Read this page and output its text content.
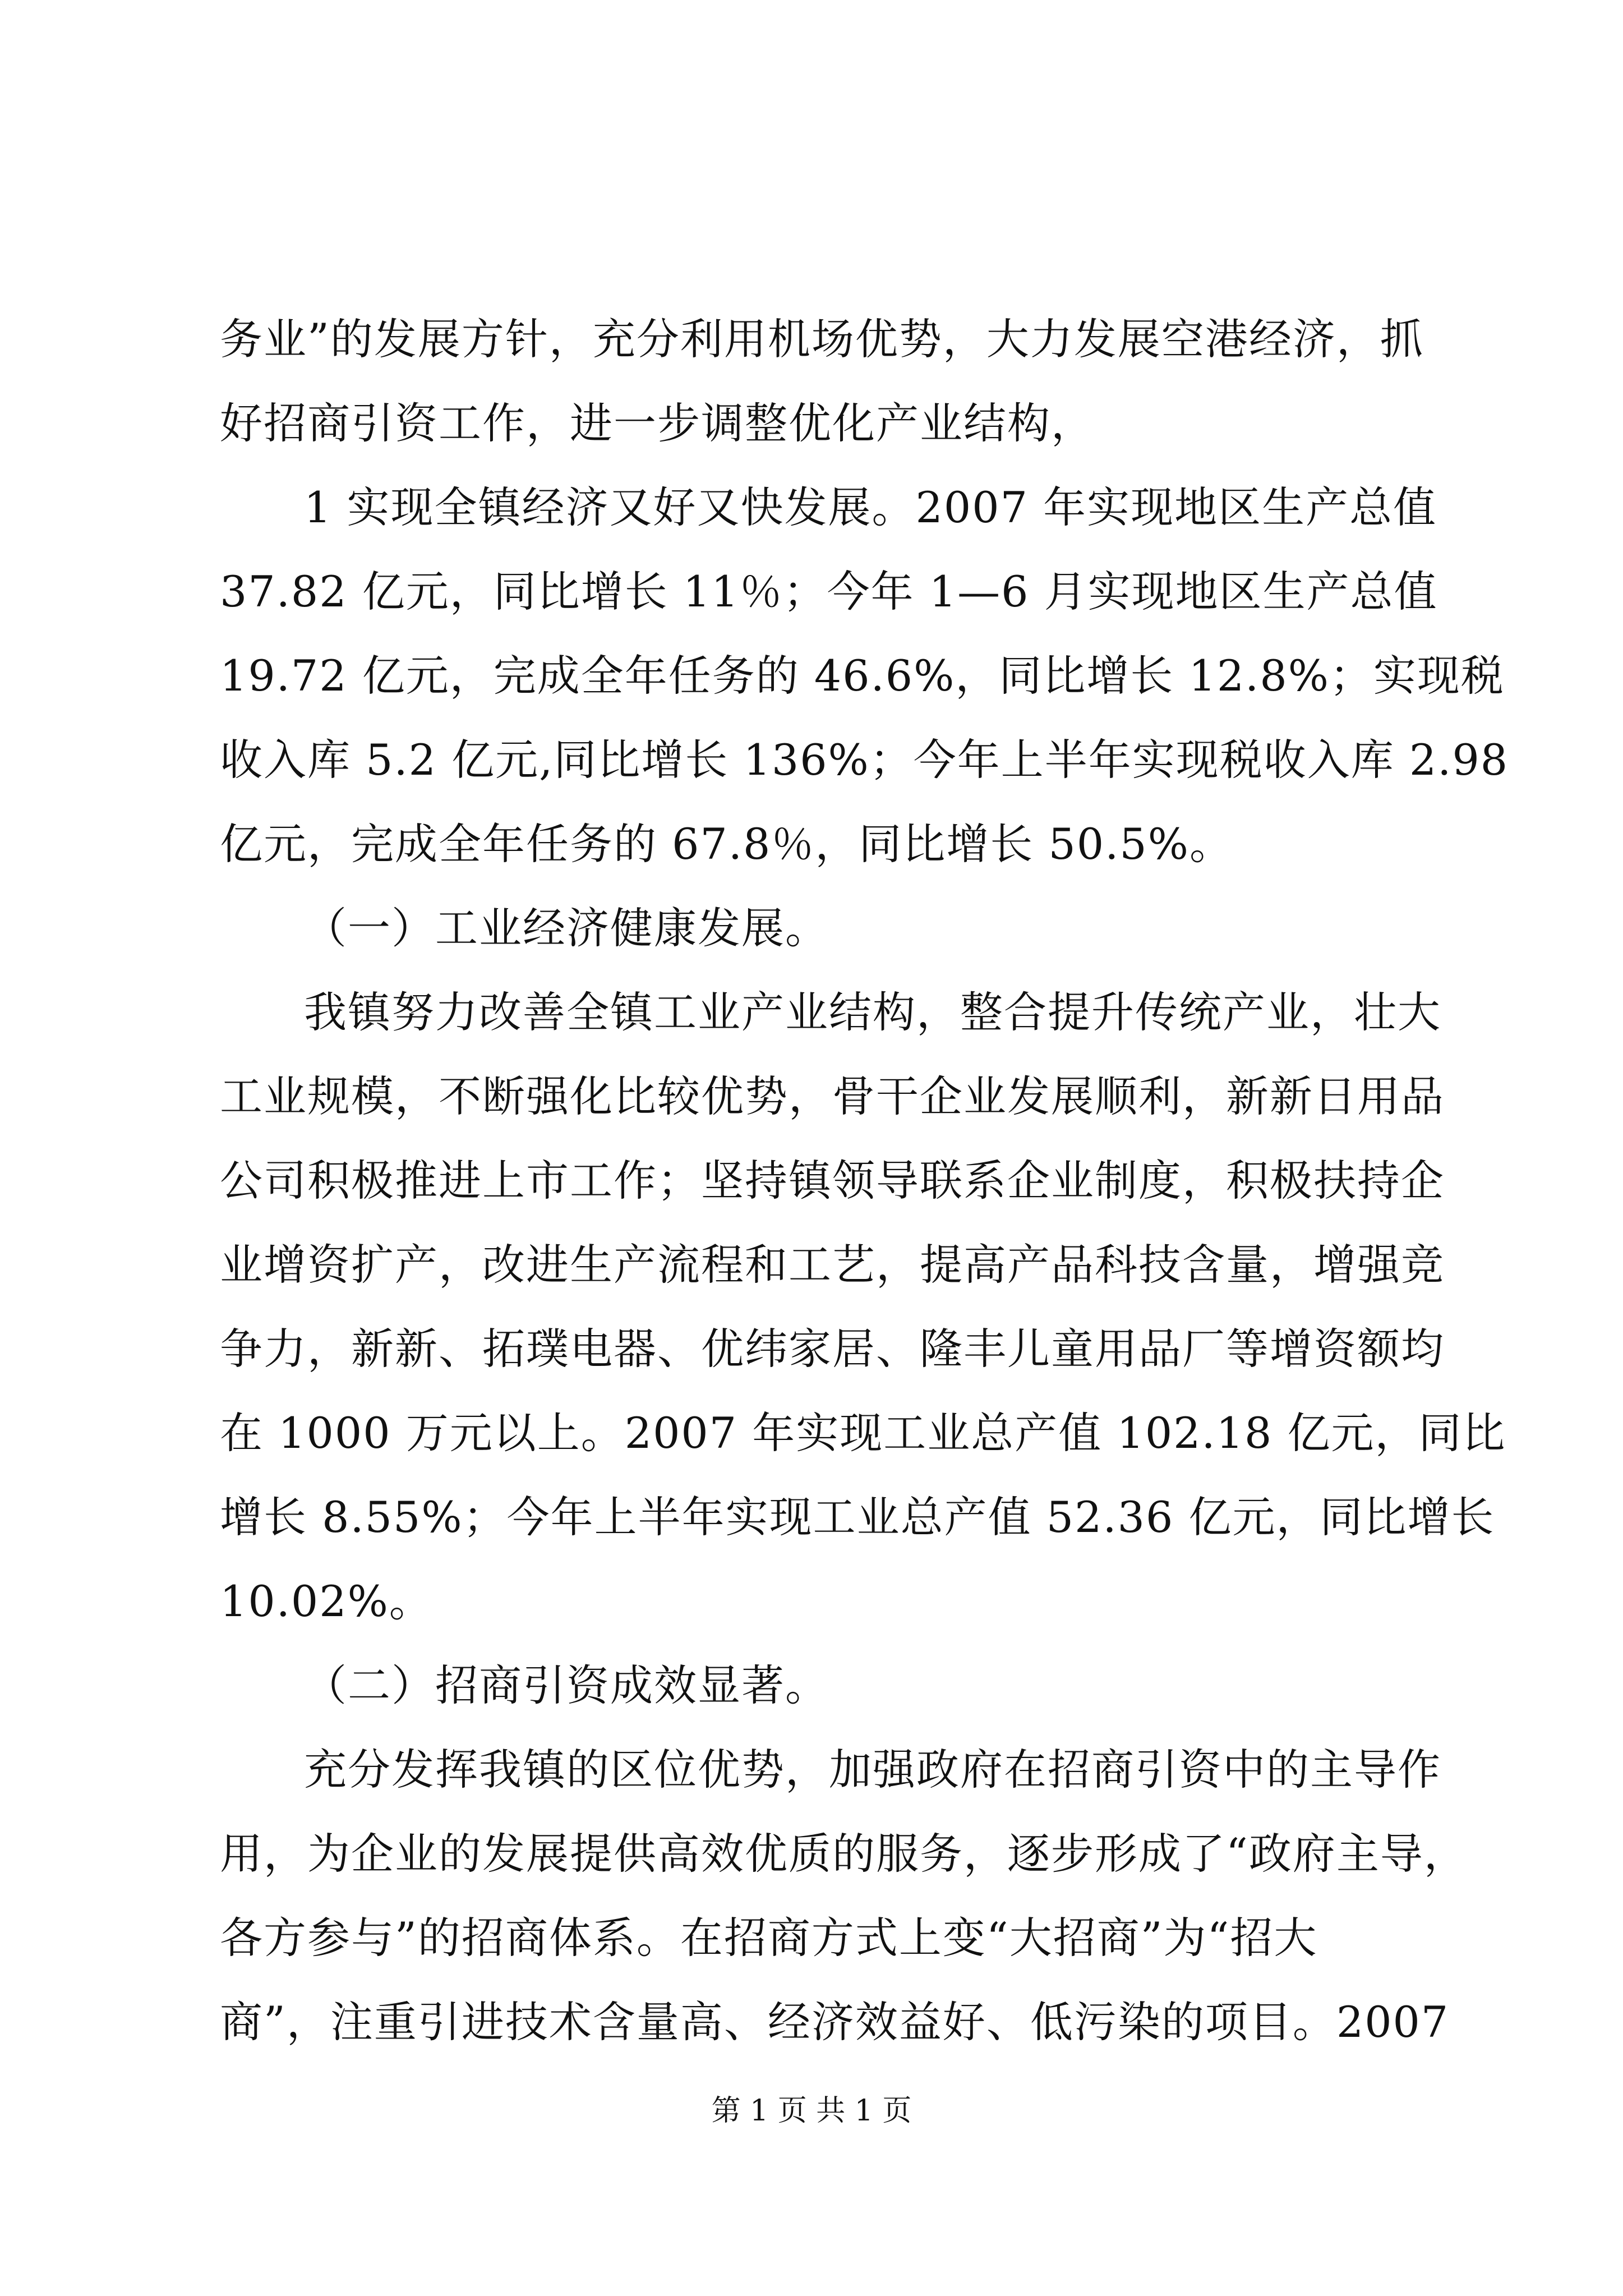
务业”的发展方针，充分利用机场优势，大力发展空港经济，抓
好招商引资工作，进一步调整优化产业结构，
1 实现全镇经济又好又快发展。2007 年实现地区生产总值
37.82 亿元，同比增长 11％；今年 1—6 月实现地区生产总值
19.72 亿元，完成全年任务的 46.6%，同比增长 12.8%；实现税
收入库 5.2 亿元,同比增长 136%；今年上半年实现税收入库 2.98
亿元，完成全年任务的 67.8％，同比增长 50.5%。
（一）工业经济健康发展。
我镇努力改善全镇工业产业结构，整合提升传统产业，壮大
工业规模，不断强化比较优势，骨干企业发展顺利，新新日用品
公司积极推进上市工作；坚持镇领导联系企业制度，积极扶持企
业增资扩产，改进生产流程和工艺，提高产品科技含量，增强竞
争力，新新、拓璞电器、优纬家居、隆丰儿童用品厂等增资额均
在 1000 万元以上。2007 年实现工业总产值 102.18 亿元，同比
增长 8.55%；今年上半年实现工业总产值 52.36 亿元，同比增长
10.02%。
（二）招商引资成效显著。
充分发挥我镇的区位优势，加强政府在招商引资中的主导作
用，为企业的发展提供高效优质的服务，逐步形成了“政府主导，
各方参与”的招商体系。在招商方式上变“大招商”为“招大
商”，注重引进技术含量高、经济效益好、低污染的项目。2007
第 1 页 共 1 页
